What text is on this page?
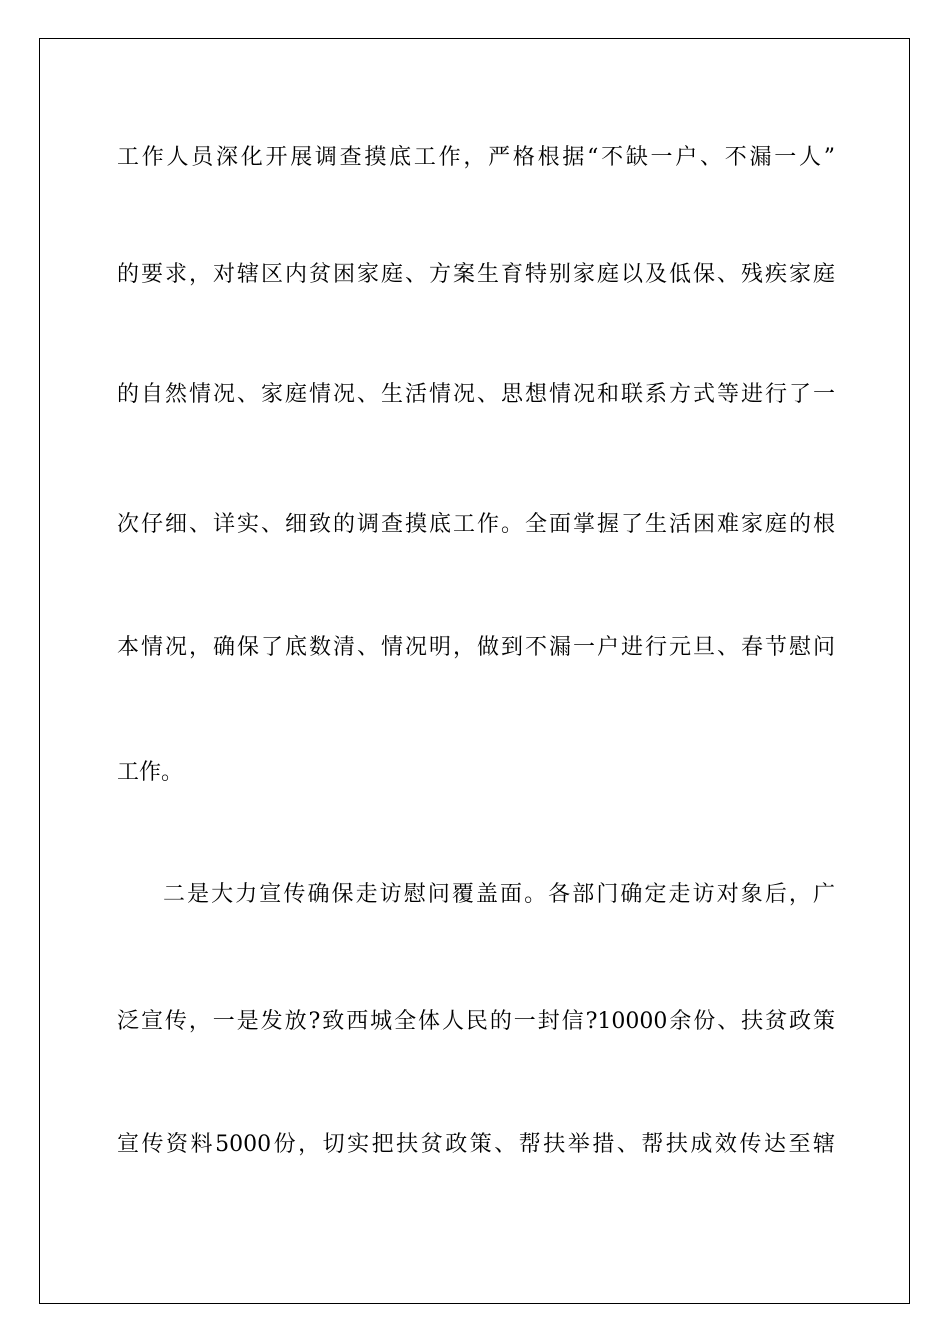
工作人员深化开展调查摸底工作，严格根据“不缺一户、不漏一人”

的要求，对辖区内贫困家庭、方案生育特别家庭以及低保、残疾家庭

的自然情况、家庭情况、生活情况、思想情况和联系方式等进行了一

次仔细、详实、细致的调查摸底工作。全面掌握了生活困难家庭的根

本情况，确保了底数清、情况明，做到不漏一户进行元旦、春节慰问

工作。

二是大力宣传确保走访慰问覆盖面。各部门确定走访对象后，广

泛宣传，一是发放?致西城全体人民的一封信?10000余份、扶贫政策

宣传资料5000份，切实把扶贫政策、帮扶举措、帮扶成效传达至辖
